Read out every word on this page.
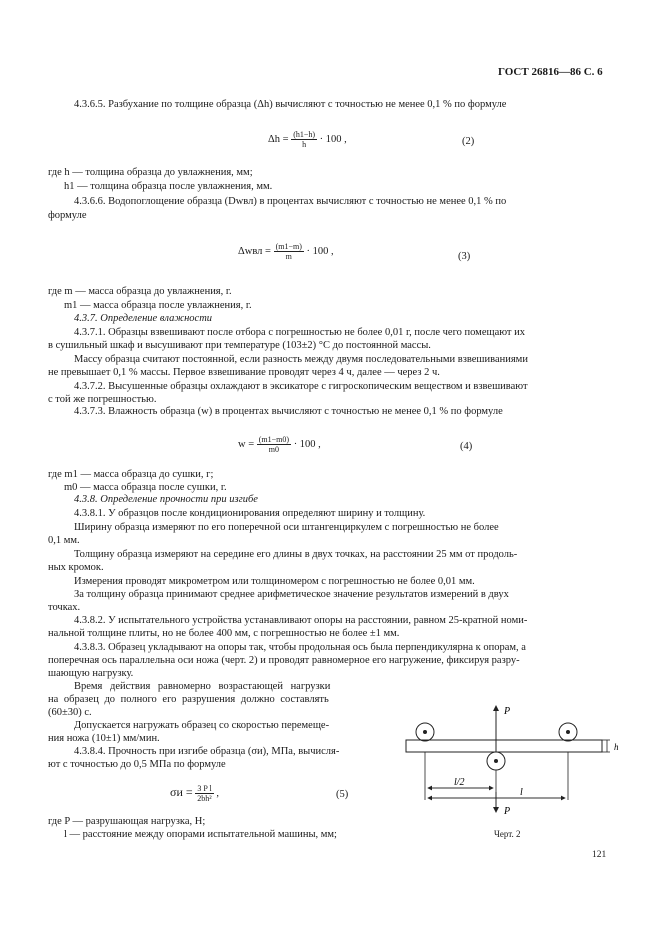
ГОСТ 26816—86 С. 6
4.3.6.5. Разбухание по толщине образца (Δh) вычисляют с точностью не менее 0,1 % по формуле
$\Delta h = \frac{(h1-h)}{h} \cdot 100$ ,	(2)
где h — толщина образца до увлажнения, мм;
h1 — толщина образца после увлажнения, мм.
4.3.6.6. Водопоглощение образца (Dwвл) в процентах вычисляют с точностью не менее 0,1 % по
формуле
$\Delta wвл = \frac{(m1-m)}{m} \cdot 100$ ,	(3)
где m — масса образца до увлажнения, г.
m1 — масса образца после увлажнения, г.
4.3.7. Определение влажности
4.3.7.1. Образцы взвешивают после отбора с погрешностью не более 0,01 г, после чего помещают их
в сушильный шкаф и высушивают при температуре (103±2) °С до постоянной массы.
Массу образца считают постоянной, если разность между двумя последовательными взвешиваниями
не превышает 0,1 % массы. Первое взвешивание проводят через 4 ч, далее — через 2 ч.
4.3.7.2. Высушенные образцы охлаждают в эксикаторе с гигроскопическим веществом и взвешивают
с той же погрешностью.
4.3.7.3. Влажность образца (w) в процентах вычисляют с точностью не менее 0,1 % по формуле
$w = \frac{(m1-m0)}{m0} \cdot 100$ ,	(4)
где m1 — масса образца до сушки, г;
m0 — масса образца после сушки, г.
4.3.8. Определение прочности при изгибе
4.3.8.1. У образцов после кондиционирования определяют ширину и толщину.
Ширину образца измеряют по его поперечной оси штангенциркулем с погрешностью не более
0,1 мм.
Толщину образца измеряют на середине его длины в двух точках, на расстоянии 25 мм от продоль-
ных кромок.
Измерения проводят микрометром или толщиномером с погрешностью не более 0,01 мм.
За толщину образца принимают среднее арифметическое значение результатов измерений в двух
точках.
4.3.8.2. У испытательного устройства устанавливают опоры на расстоянии, равном 25-кратной номи-
нальной толщине плиты, но не более 400 мм, с погрешностью не более ±1 мм.
4.3.8.3. Образец укладывают на опоры так, чтобы продольная ось была перпендикулярна к опорам, а
поперечная ось параллельна оси ножа (черт. 2) и проводят равномерное его нагружение, фиксируя разру-
шающую нагрузку.
Время действия равномерно возрастающей нагрузки
на образец до полного его разрушения должно составлять
(60±30) с.
Допускается нагружать образец со скоростью перемеще-
ния ножа (10±1) мм/мин.
4.3.8.4. Прочность при изгибе образца (σи), МПа, вычисля-
ют с точностью до 0,5 МПа по формуле
$\sigma и = \frac{\text{3 P l}}{\text{2bh²}}$ ,	(5)
где P — разрушающая нагрузка, Н;
l — расстояние между опорами испытательной машины, мм;
P
h
l/2
l
P
Черт. 2
121
